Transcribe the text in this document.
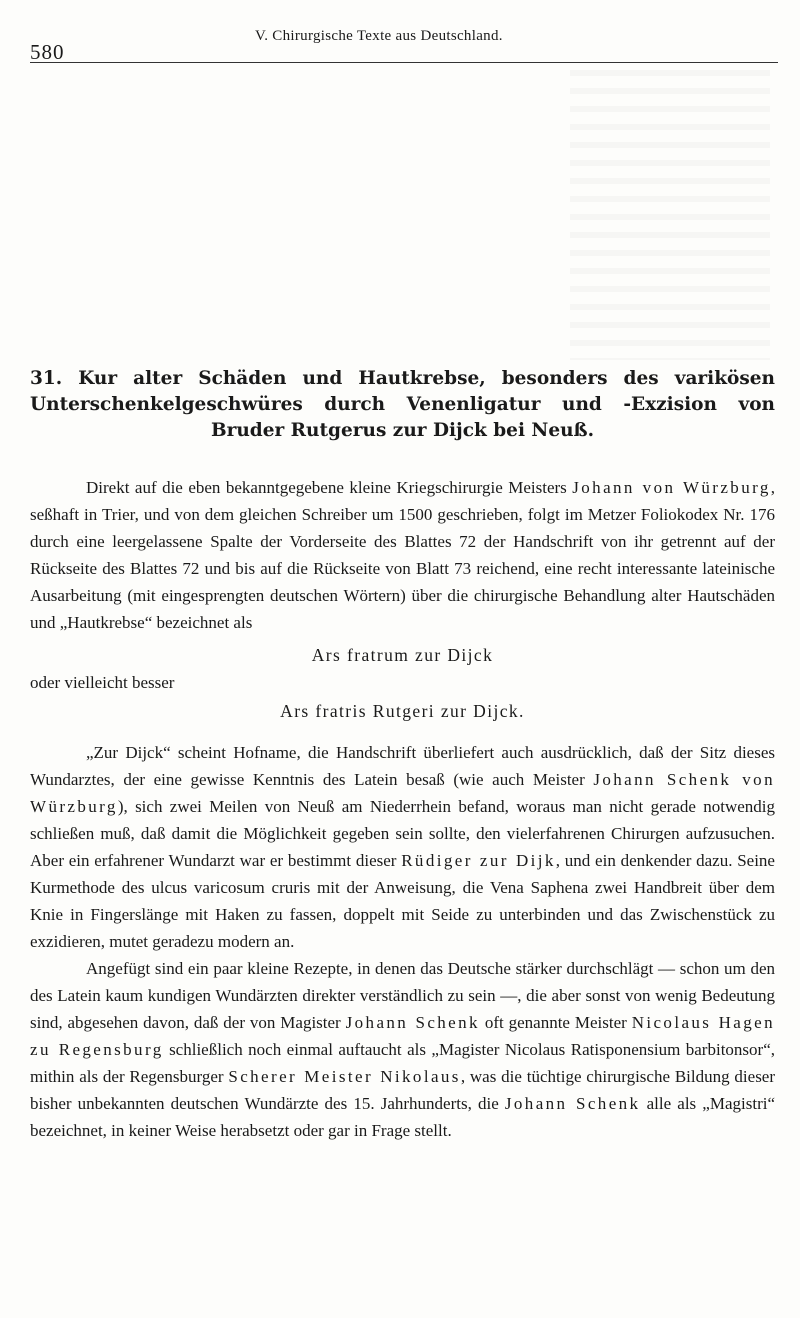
580
V. Chirurgische Texte aus Deutschland.
31. Kur alter Schäden und Hautkrebse, besonders des varikösen Unterschenkelgeschwüres durch Venenligatur und -Exzision von Bruder Rutgerus zur Dijck bei Neuß.

Direkt auf die eben bekanntgegebene kleine Kriegschirurgie Meisters Johann von Würzburg, seßhaft in Trier, und von dem gleichen Schreiber um 1500 geschrieben, folgt im Metzer Foliokodex Nr. 176 durch eine leergelassene Spalte der Vorderseite des Blattes 72 der Handschrift von ihr getrennt auf der Rückseite des Blattes 72 und bis auf die Rückseite von Blatt 73 reichend, eine recht interessante lateinische Ausarbeitung (mit eingesprengten deutschen Wörtern) über die chirurgische Behandlung alter Hautschäden und „Hautkrebse“ bezeichnet als

Ars fratrum zur Dijck

oder vielleicht besser

Ars fratris Rutgeri zur Dijck.

„Zur Dijck“ scheint Hofname, die Handschrift überliefert auch ausdrücklich, daß der Sitz dieses Wundarztes, der eine gewisse Kenntnis des Latein besaß (wie auch Meister Johann Schenk von Würzburg), sich zwei Meilen von Neuß am Niederrhein befand, woraus man nicht gerade notwendig schließen muß, daß damit die Möglichkeit gegeben sein sollte, den vielerfahrenen Chirurgen aufzusuchen. Aber ein erfahrener Wundarzt war er bestimmt dieser Rüdiger zur Dijk, und ein denkender dazu. Seine Kurmethode des ulcus varicosum cruris mit der Anweisung, die Vena Saphena zwei Handbreit über dem Knie in Fingerslänge mit Haken zu fassen, doppelt mit Seide zu unterbinden und das Zwischenstück zu exzidieren, mutet geradezu modern an.

Angefügt sind ein paar kleine Rezepte, in denen das Deutsche stärker durchschlägt — schon um den des Latein kaum kundigen Wundärzten direkter verständlich zu sein —, die aber sonst von wenig Bedeutung sind, abgesehen davon, daß der von Magister Johann Schenk oft genannte Meister Nicolaus Hagen zu Regensburg schließlich noch einmal auftaucht als „Magister Nicolaus Ratisponensium barbitonsor“, mithin als der Regensburger Scherer Meister Nikolaus, was die tüchtige chirurgische Bildung dieser bisher unbekannten deutschen Wundärzte des 15. Jahrhunderts, die Johann Schenk alle als „Magistri“ bezeichnet, in keiner Weise herabsetzt oder gar in Frage stellt.
